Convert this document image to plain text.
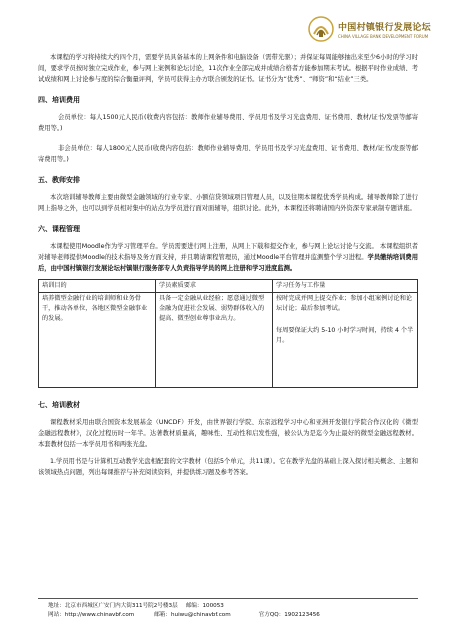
中国村镇银行发展论坛
CHINA VILLAGE BANK DEVELOPMENT FORUM

本课程的学习将持续大约四个月，需要学员具备基本的上网条件和电脑设备（需带光驱）；并保证每周能够抽出来至少6小时的学习时间，要求学员按时独立完成作业，参与网上案例和论坛讨论，11次作业全部完成并成绩合格者方能参加期末考试。根据平时作业成绩、考试成绩和网上讨论参与度的综合衡量评判，学员可获得主办方联合颁发的证书。证书分为“优秀”、“师资”和“结业”三类。

四、培训费用

会员单位：每人1500元人民币(收费内容包括：教师作业辅导费用、学员用书及学习光盘费用、证书费用、教材/证书/发票等邮寄费用等。)

非会员单位：每人1800元人民币(收费内容包括：教师作业辅导费用、学员用书及学习光盘费用、证书费用、教材/证书/发票等邮寄费用等。)

五、教师安排

本次培训辅导教师主要由微型金融领域的行业专家、小额信贷领域项目管理人员，以及往期本课程优秀学员构成。辅导教师除了进行网上指导之外，也可以到学员相对集中的站点为学员进行面对面辅导，组织讨论。此外，本课程还将聘请国内外资深专家录制专题讲座。

六、课程管理

本课程使用Moodle作为学习管理平台。学员需要进行网上注册，从网上下载和提交作业，参与网上论坛讨论与交流。 本课程组织者对辅导老师提供Moodle的技术指导及务方面支持，并且聘请课程管理员，通过Moodle平台管理并监测整个学习进程。学员缴纳培训费用后，由中国村镇银行发展论坛村镇银行服务部专人负责指导学员的网上注册和学习进度监测。

培训目的	学员素质要求	学习任务与工作量
培养微型金融行业的培训师和业务骨干，推动各单位，各地区微型金融事业的发展。	具备一定金融从业经验；愿意通过微型金融为促进社会发展、弱势群体收入的提高、微型创业尊事业出力。	按时完成并网上提交作业；参加小组案例讨论和论坛讨论；最后参加考试。
每周要保证大约 5-10 小时学习时间，持续 4 个半月。
七、培训教材

课程教材采用由联合国资本发展基金（UNCDF）开发，由世界银行学院、东京远程学习中心和亚洲开发银行学院合作汉化的《微型金融远程教材》，汉化过程历时一年半。达著教材质量高，趣味性、互动性和启发性强，被公认为是迄今为止最好的微型金融远程教材。本套教材包括一本学员用书和两张光盘。

1.学员用书是与计算机互动教学光盘相配套的文字教材（包括5个单元，共11课）。它在教学光盘的基础上深入探讨相关概念、主题和该领域热点问题，列出每课推荐与补充阅读资料，并提供练习题及参考答案。

地址：北京市西城区广安门内大街311号院2号楼3层 邮编：100053
网站：http://www.chinavbf.com	邮箱：huiwu@chinavbf.com	官方QQ：1902123456
